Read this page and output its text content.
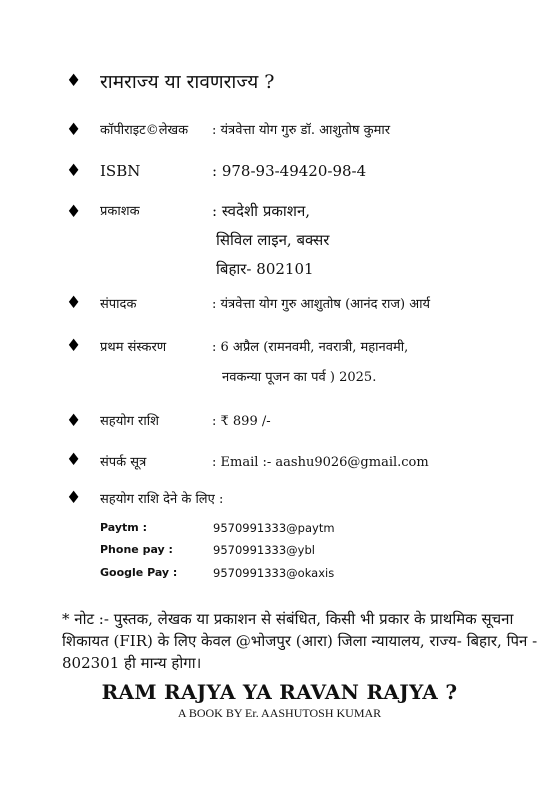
♦ रामराज्य या रावणराज्य ?
♦ कॉपीराइट©लेखक : यंत्रवेत्ता योग गुरु डॉ. आशुतोष कुमार
♦ ISBN	: 978-93-49420-98-4
♦ प्रकाशक	: स्वदेशी प्रकाशन,
सिविल लाइन, बक्सर
बिहार- 802101
♦ संपादक	: यंत्रवेत्ता योग गुरु आशुतोष (आनंद राज) आर्य
♦ प्रथम संस्करण	: 6 अप्रैल (रामनवमी, नवरात्री, महानवमी,
नवकन्या पूजन का पर्व ) 2025.
♦ सहयोग राशि	: ₹ 899 /-
♦ संपर्क सूत्र	: Email :- aashu9026@gmail.com
♦ सहयोग राशि देने के लिए :
Paytm :	9570991333@paytm
Phone pay :	9570991333@ybl
Google Pay :	9570991333@okaxis
* नोट :- पुस्तक, लेखक या प्रकाशन से संबंधित, किसी भी प्रकार के प्राथमिक सूचना शिकायत (FIR) के लिए केवल @भोजपुर (आरा) जिला न्यायालय, राज्य- बिहार, पिन - 802301 ही मान्य होगा।
RAM RAJYA YA RAVAN RAJYA ?
A BOOK BY Er. AASHUTOSH KUMAR
